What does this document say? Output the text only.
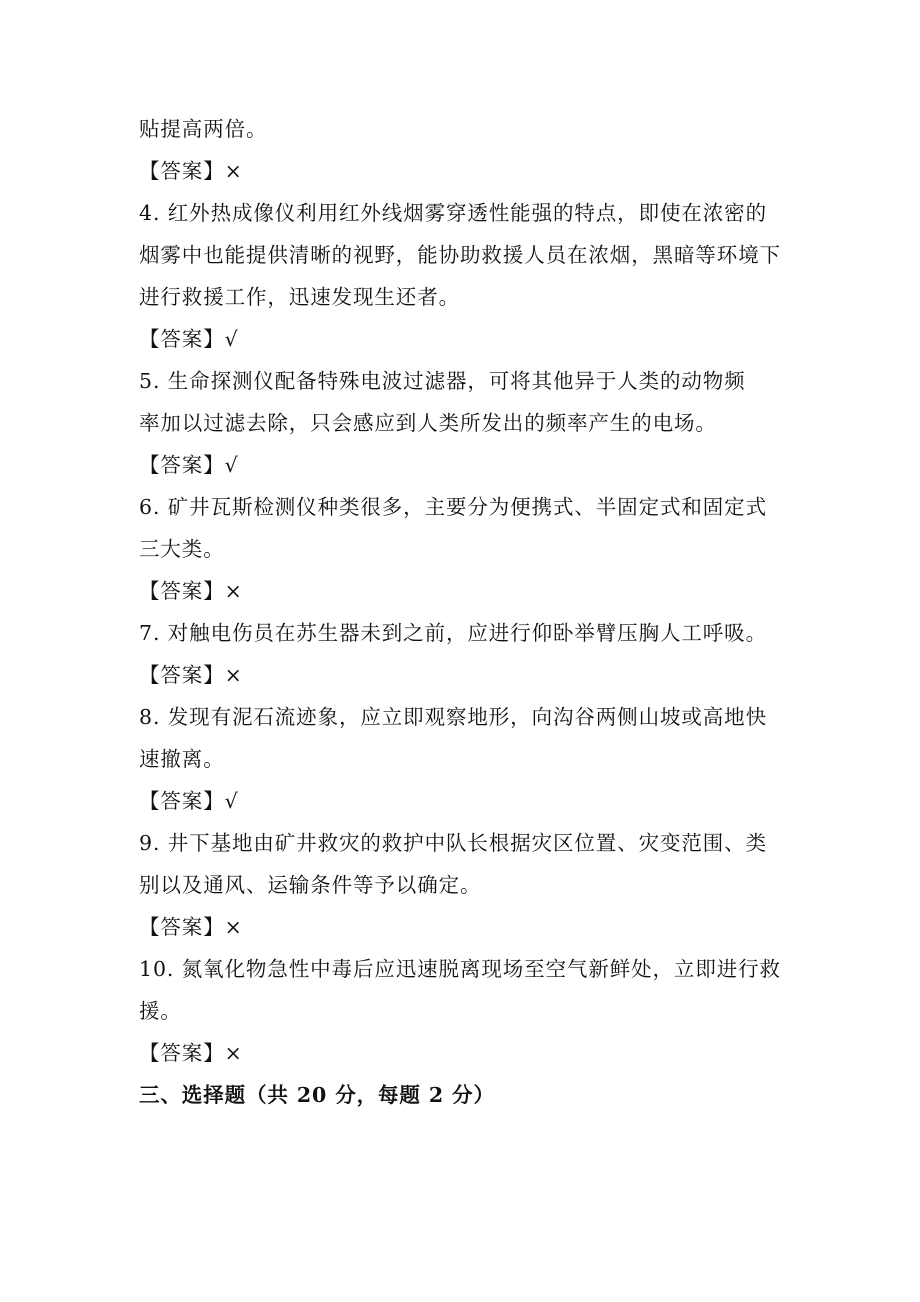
贴提高两倍。
【答案】×
4. 红外热成像仪利用红外线烟雾穿透性能强的特点，即使在浓密的
烟雾中也能提供清晰的视野，能协助救援人员在浓烟，黑暗等环境下
进行救援工作，迅速发现生还者。
【答案】√
5. 生命探测仪配备特殊电波过滤器，可将其他异于人类的动物频
率加以过滤去除，只会感应到人类所发出的频率产生的电场。
【答案】√
6. 矿井瓦斯检测仪种类很多，主要分为便携式、半固定式和固定式
三大类。
【答案】×
7. 对触电伤员在苏生器未到之前，应进行仰卧举臂压胸人工呼吸。
【答案】×
8. 发现有泥石流迹象，应立即观察地形，向沟谷两侧山坡或高地快
速撤离。
【答案】√
9. 井下基地由矿井救灾的救护中队长根据灾区位置、灾变范围、类
别以及通风、运输条件等予以确定。
【答案】×
10. 氮氧化物急性中毒后应迅速脱离现场至空气新鲜处，立即进行救
援。
【答案】×
三、选择题（共 20 分，每题 2 分）
